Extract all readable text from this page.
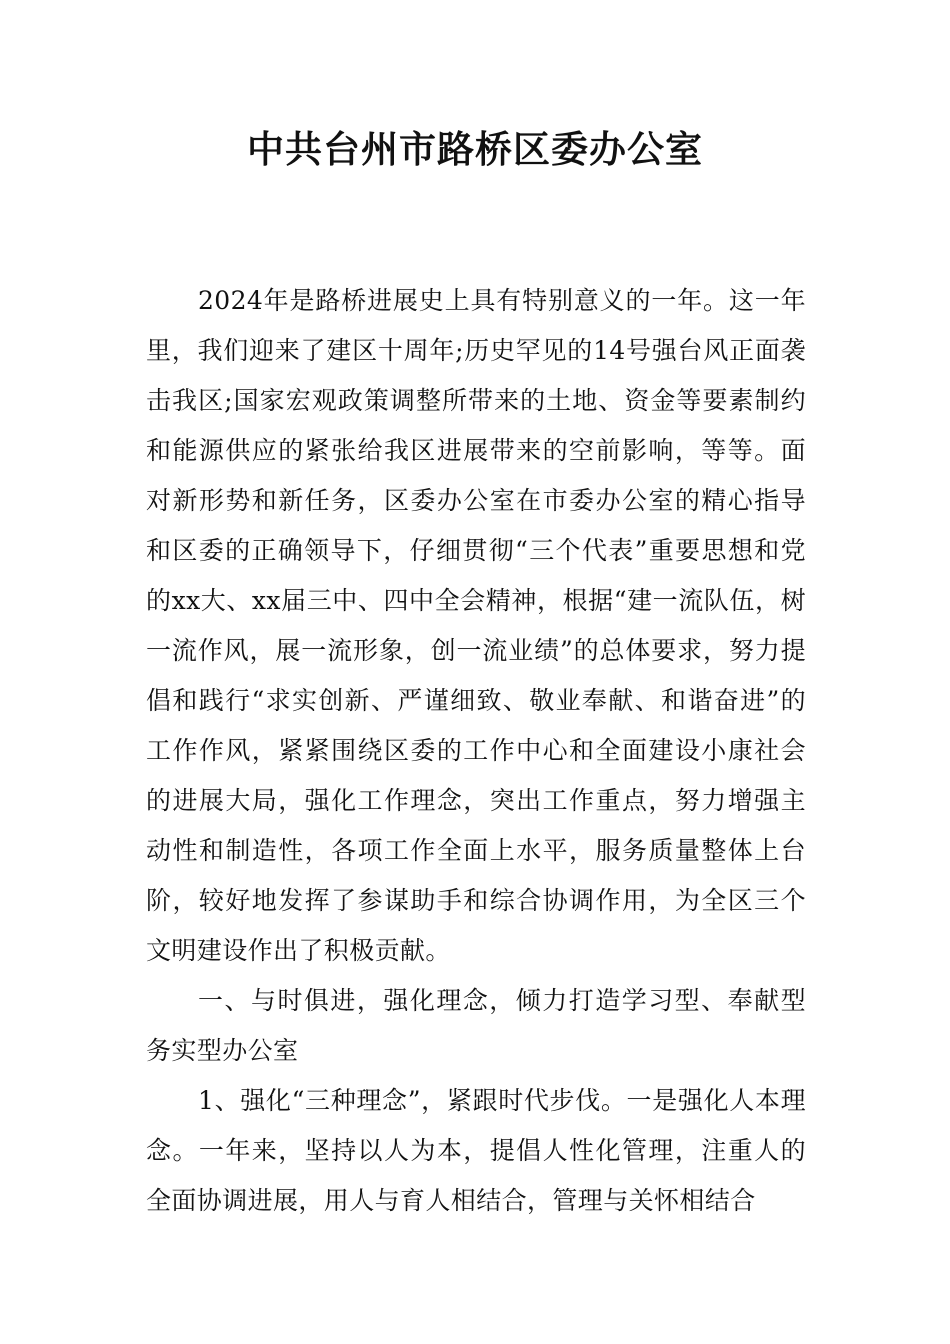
中共台州市路桥区委办公室

2024年是路桥进展史上具有特别意义的一年。这一年里，我们迎来了建区十周年;历史罕见的14号强台风正面袭击我区;国家宏观政策调整所带来的土地、资金等要素制约和能源供应的紧张给我区进展带来的空前影响，等等。面对新形势和新任务，区委办公室在市委办公室的精心指导和区委的正确领导下，仔细贯彻“三个代表”重要思想和党的xx大、xx届三中、四中全会精神，根据“建一流队伍，树一流作风，展一流形象，创一流业绩”的总体要求，努力提倡和践行“求实创新、严谨细致、敬业奉献、和谐奋进”的工作作风，紧紧围绕区委的工作中心和全面建设小康社会的进展大局，强化工作理念，突出工作重点，努力增强主动性和制造性，各项工作全面上水平，服务质量整体上台阶，较好地发挥了参谋助手和综合协调作用，为全区三个文明建设作出了积极贡献。

一、与时俱进，强化理念，倾力打造学习型、奉献型务实型办公室

1、强化“三种理念”，紧跟时代步伐。一是强化人本理念。一年来，坚持以人为本，提倡人性化管理，注重人的全面协调进展，用人与育人相结合，管理与关怀相结合
